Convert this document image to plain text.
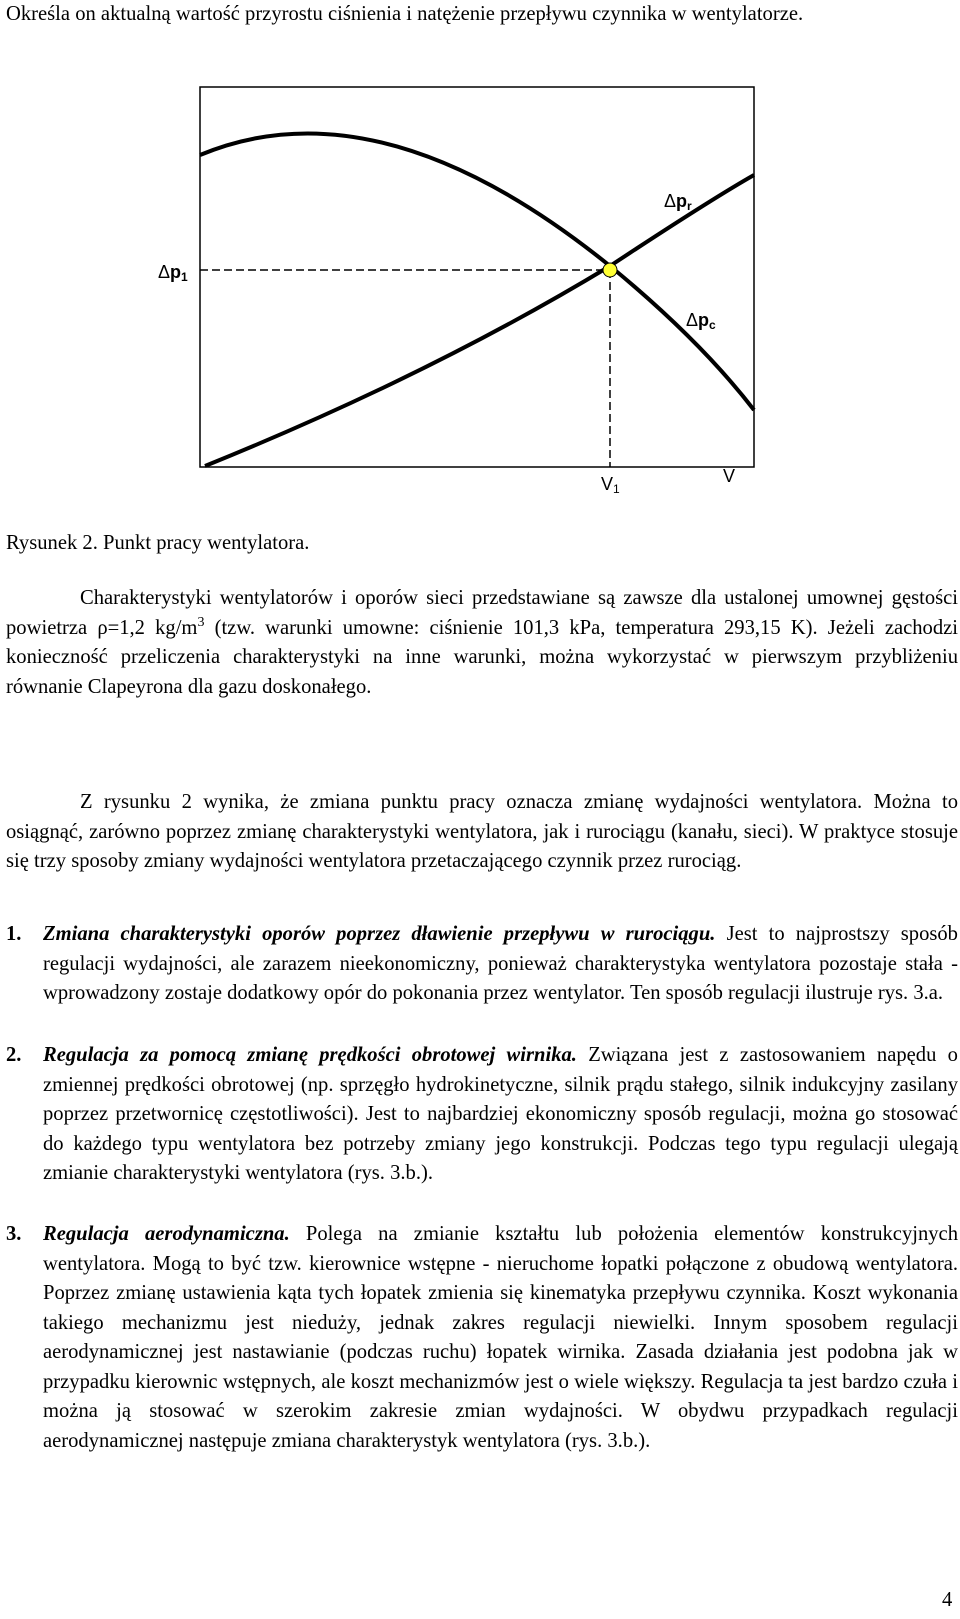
Określa on aktualną wartość przyrostu ciśnienia i natężenie przepływu czynnika w wentylatorze.
Δp1
Δpr
Δpc
V1
V
Rysunek 2. Punkt pracy wentylatora.
Charakterystyki wentylatorów i oporów sieci przedstawiane są zawsze dla ustalonej umownej gęstości powietrza ρ=1,2 $kg/m^3$ (tzw. warunki umowne: ciśnienie 101,3 kPa, temperatura 293,15 K). Jeżeli zachodzi konieczność przeliczenia charakterystyki na inne warunki, można wykorzystać w pierwszym przybliżeniu równanie Clapeyrona dla gazu doskonałego.
Z rysunku 2 wynika, że zmiana punktu pracy oznacza zmianę wydajności wentylatora. Można to osiągnąć, zarówno poprzez zmianę charakterystyki wentylatora, jak i rurociągu (kanału, sieci). W praktyce stosuje się trzy sposoby zmiany wydajności wentylatora przetaczającego czynnik przez rurociąg.
1.	Zmiana charakterystyki oporów poprzez dławienie przepływu w rurociągu. Jest to najprostszy sposób regulacji wydajności, ale zarazem nieekonomiczny, ponieważ charakterystyka wentylatora pozostaje stała - wprowadzony zostaje dodatkowy opór do pokonania przez wentylator. Ten sposób regulacji ilustruje rys. 3.a.
2.	Regulacja za pomocą zmianę prędkości obrotowej wirnika. Związana jest z zastosowaniem napędu o zmiennej prędkości obrotowej (np. sprzęgło hydrokinetyczne, silnik prądu stałego, silnik indukcyjny zasilany poprzez przetwornicę częstotliwości). Jest to najbardziej ekonomiczny sposób regulacji, można go stosować do każdego typu wentylatora bez potrzeby zmiany jego konstrukcji. Podczas tego typu regulacji ulegają zmianie charakterystyki wentylatora (rys. 3.b.).
3.	Regulacja aerodynamiczna. Polega na zmianie kształtu lub położenia elementów konstrukcyjnych wentylatora. Mogą to być tzw. kierownice wstępne - nieruchome łopatki połączone z obudową wentylatora. Poprzez zmianę ustawienia kąta tych łopatek zmienia się kinematyka przepływu czynnika. Koszt wykonania takiego mechanizmu jest nieduży, jednak zakres regulacji niewielki. Innym sposobem regulacji aerodynamicznej jest nastawianie (podczas ruchu) łopatek wirnika. Zasada działania jest podobna jak w przypadku kierownic wstępnych, ale koszt mechanizmów jest o wiele większy. Regulacja ta jest bardzo czuła i można ją stosować w szerokim zakresie zmian wydajności. W obydwu przypadkach regulacji aerodynamicznej następuje zmiana charakterystyk wentylatora (rys. 3.b.).
4
